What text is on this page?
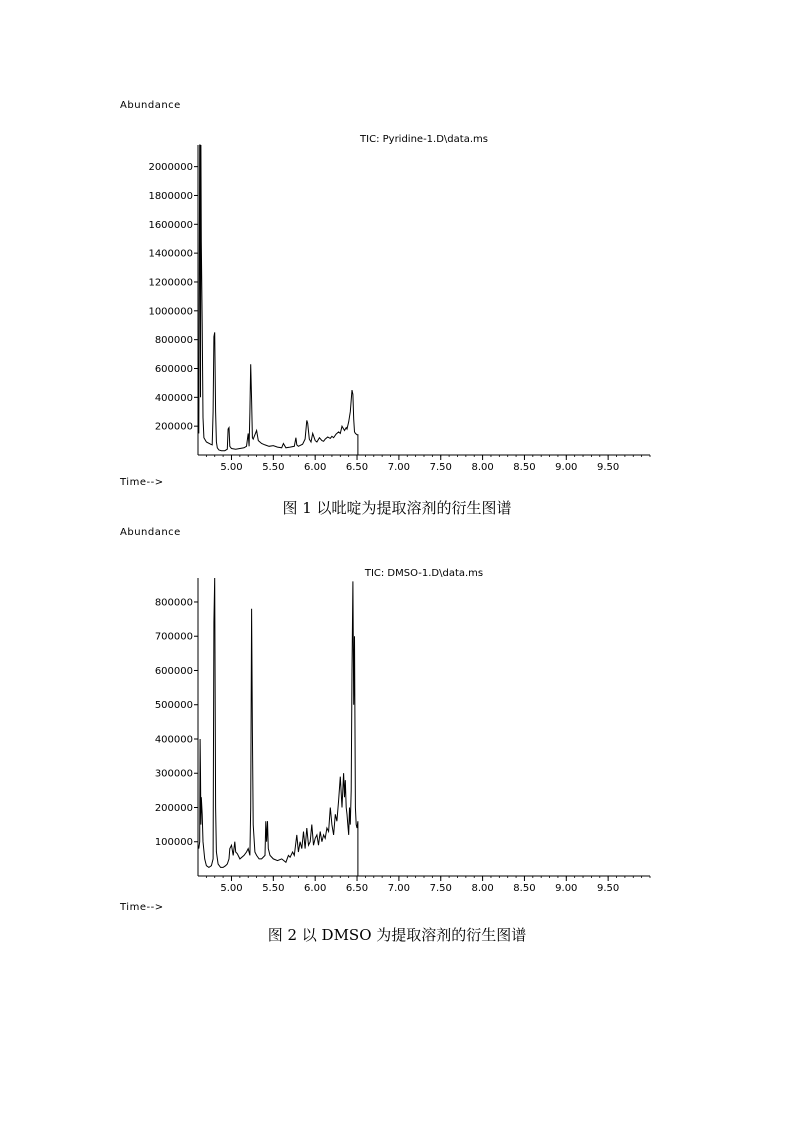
Abundance
TIC: Pyridine-1.D\data.ms
200000
400000
600000
800000
1000000
1200000
1400000
1600000
1800000
2000000
5.00 5.50 6.00 6.50 7.00 7.50 8.00 8.50 9.00 9.50
Time-->
图 1 以吡啶为提取溶剂的衍生图谱
Abundance
TIC: DMSO-1.D\data.ms
100000
200000
300000
400000
500000
600000
700000
800000
5.00 5.50 6.00 6.50 7.00 7.50 8.00 8.50 9.00 9.50
Time-->
图 2 以 DMSO 为提取溶剂的衍生图谱
